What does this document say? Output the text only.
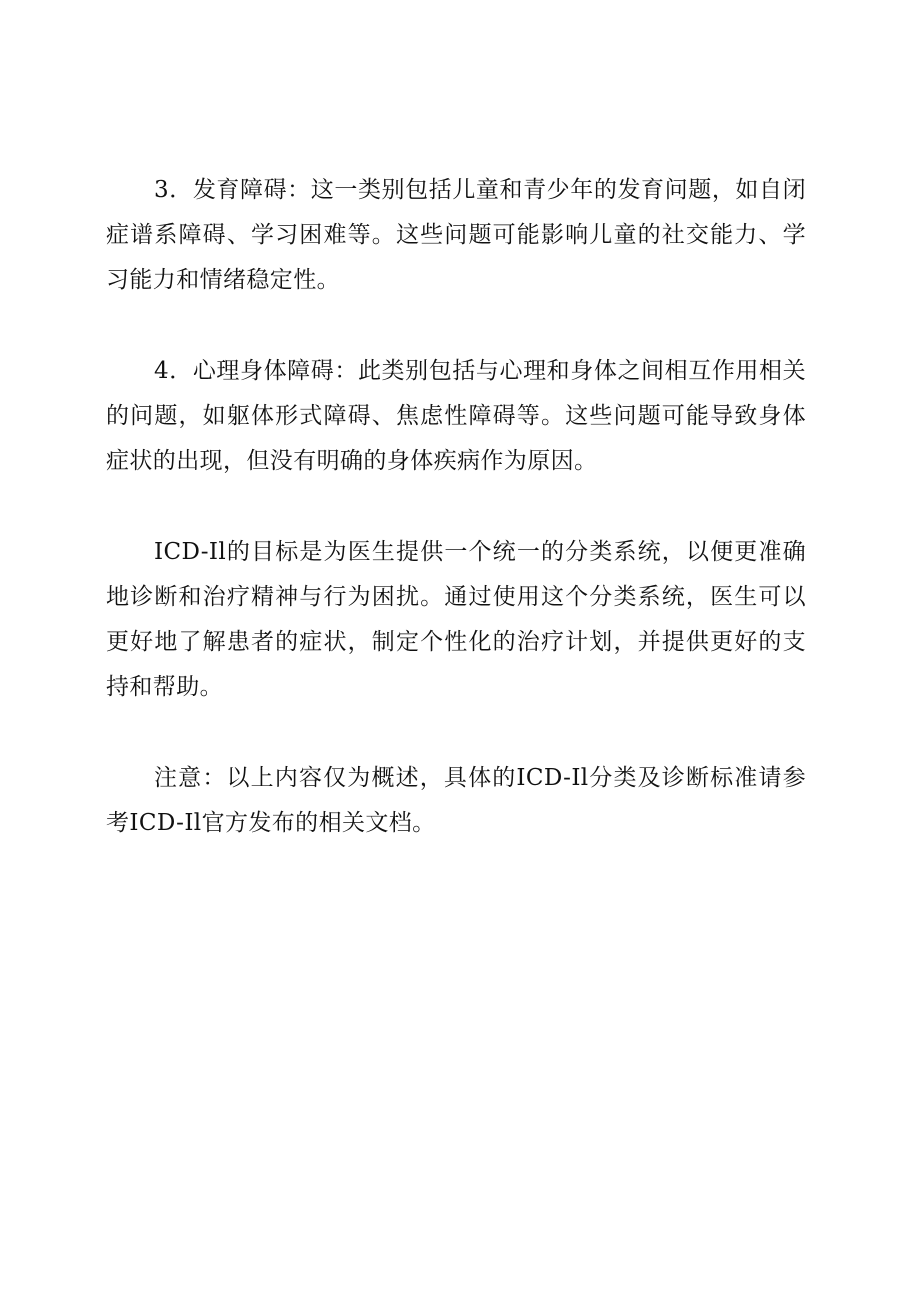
3．发育障碍：这一类别包括儿童和青少年的发育问题，如自闭症谱系障碍、学习困难等。这些问题可能影响儿童的社交能力、学习能力和情绪稳定性。

4．心理身体障碍：此类别包括与心理和身体之间相互作用相关的问题，如躯体形式障碍、焦虑性障碍等。这些问题可能导致身体症状的出现，但没有明确的身体疾病作为原因。

ICD-Il的目标是为医生提供一个统一的分类系统，以便更准确地诊断和治疗精神与行为困扰。通过使用这个分类系统，医生可以更好地了解患者的症状，制定个性化的治疗计划，并提供更好的支持和帮助。

注意：以上内容仅为概述，具体的ICD-Il分类及诊断标准请参考ICD-Il官方发布的相关文档。
